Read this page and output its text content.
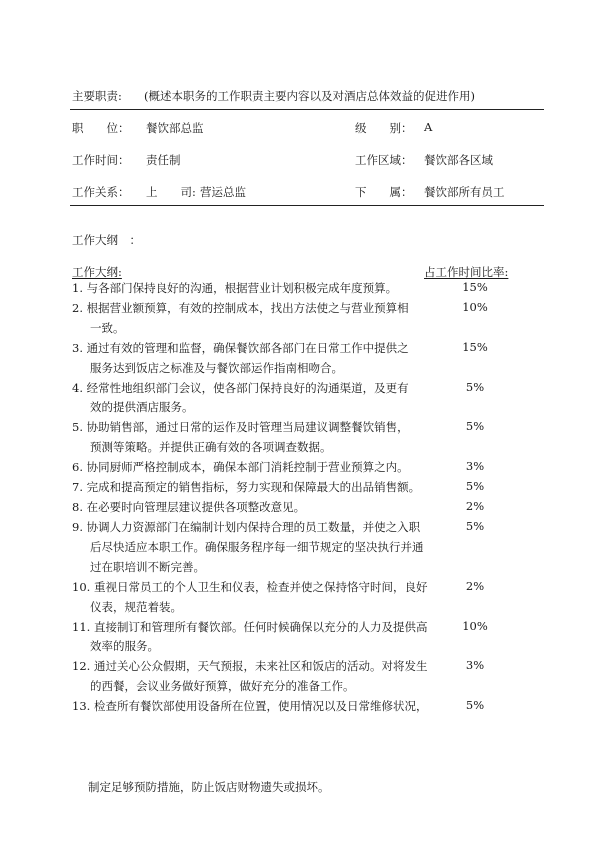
主要职责: (概述本职务的工作职责主要内容以及对酒店总体效益的促进作用)
职　　位： 餐饮部总监	级　　别： A
工作时间： 责任制	工作区域： 餐饮部各区域
工作关系： 上　　司: 营运总监	下　　属： 餐饮部所有员工
工作大纲　：
工作大纲:	占工作时间比率:
1. 与各部门保持良好的沟通，根据营业计划积极完成年度预算。	15%
2. 根据营业额预算，有效的控制成本，找出方法使之与营业预算相	10%
一致。
3. 通过有效的管理和监督，确保餐饮部各部门在日常工作中提供之	15%
服务达到饭店之标准及与餐饮部运作指南相吻合。
4. 经常性地组织部门会议，使各部门保持良好的沟通渠道，及更有	5%
效的提供酒店服务。
5. 协助销售部，通过日常的运作及时管理当局建议调整餐饮销售，	5%
预测等策略。并提供正确有效的各项调查数据。
6. 协同厨师严格控制成本，确保本部门消耗控制于营业预算之内。	3%
7. 完成和提高预定的销售指标，努力实现和保障最大的出品销售额。	5%
8. 在必要时向管理层建议提供各项整改意见。	2%
9. 协调人力资源部门在编制计划内保持合理的员工数量，并使之入职	5%
后尽快适应本职工作。确保服务程序每一细节规定的坚决执行并通
过在职培训不断完善。
10. 重视日常员工的个人卫生和仪表，检查并使之保持恪守时间，良好	2%
仪表，规范着装。
11. 直接制订和管理所有餐饮部。任何时候确保以充分的人力及提供高	10%
效率的服务。
12. 通过关心公众假期，天气预报，未来社区和饭店的活动。对将发生	3%
的西餐，会议业务做好预算，做好充分的准备工作。
13. 检查所有餐饮部使用设备所在位置，使用情况以及日常维修状况，	5%
制定足够预防措施，防止饭店财物遗失或损坏。
